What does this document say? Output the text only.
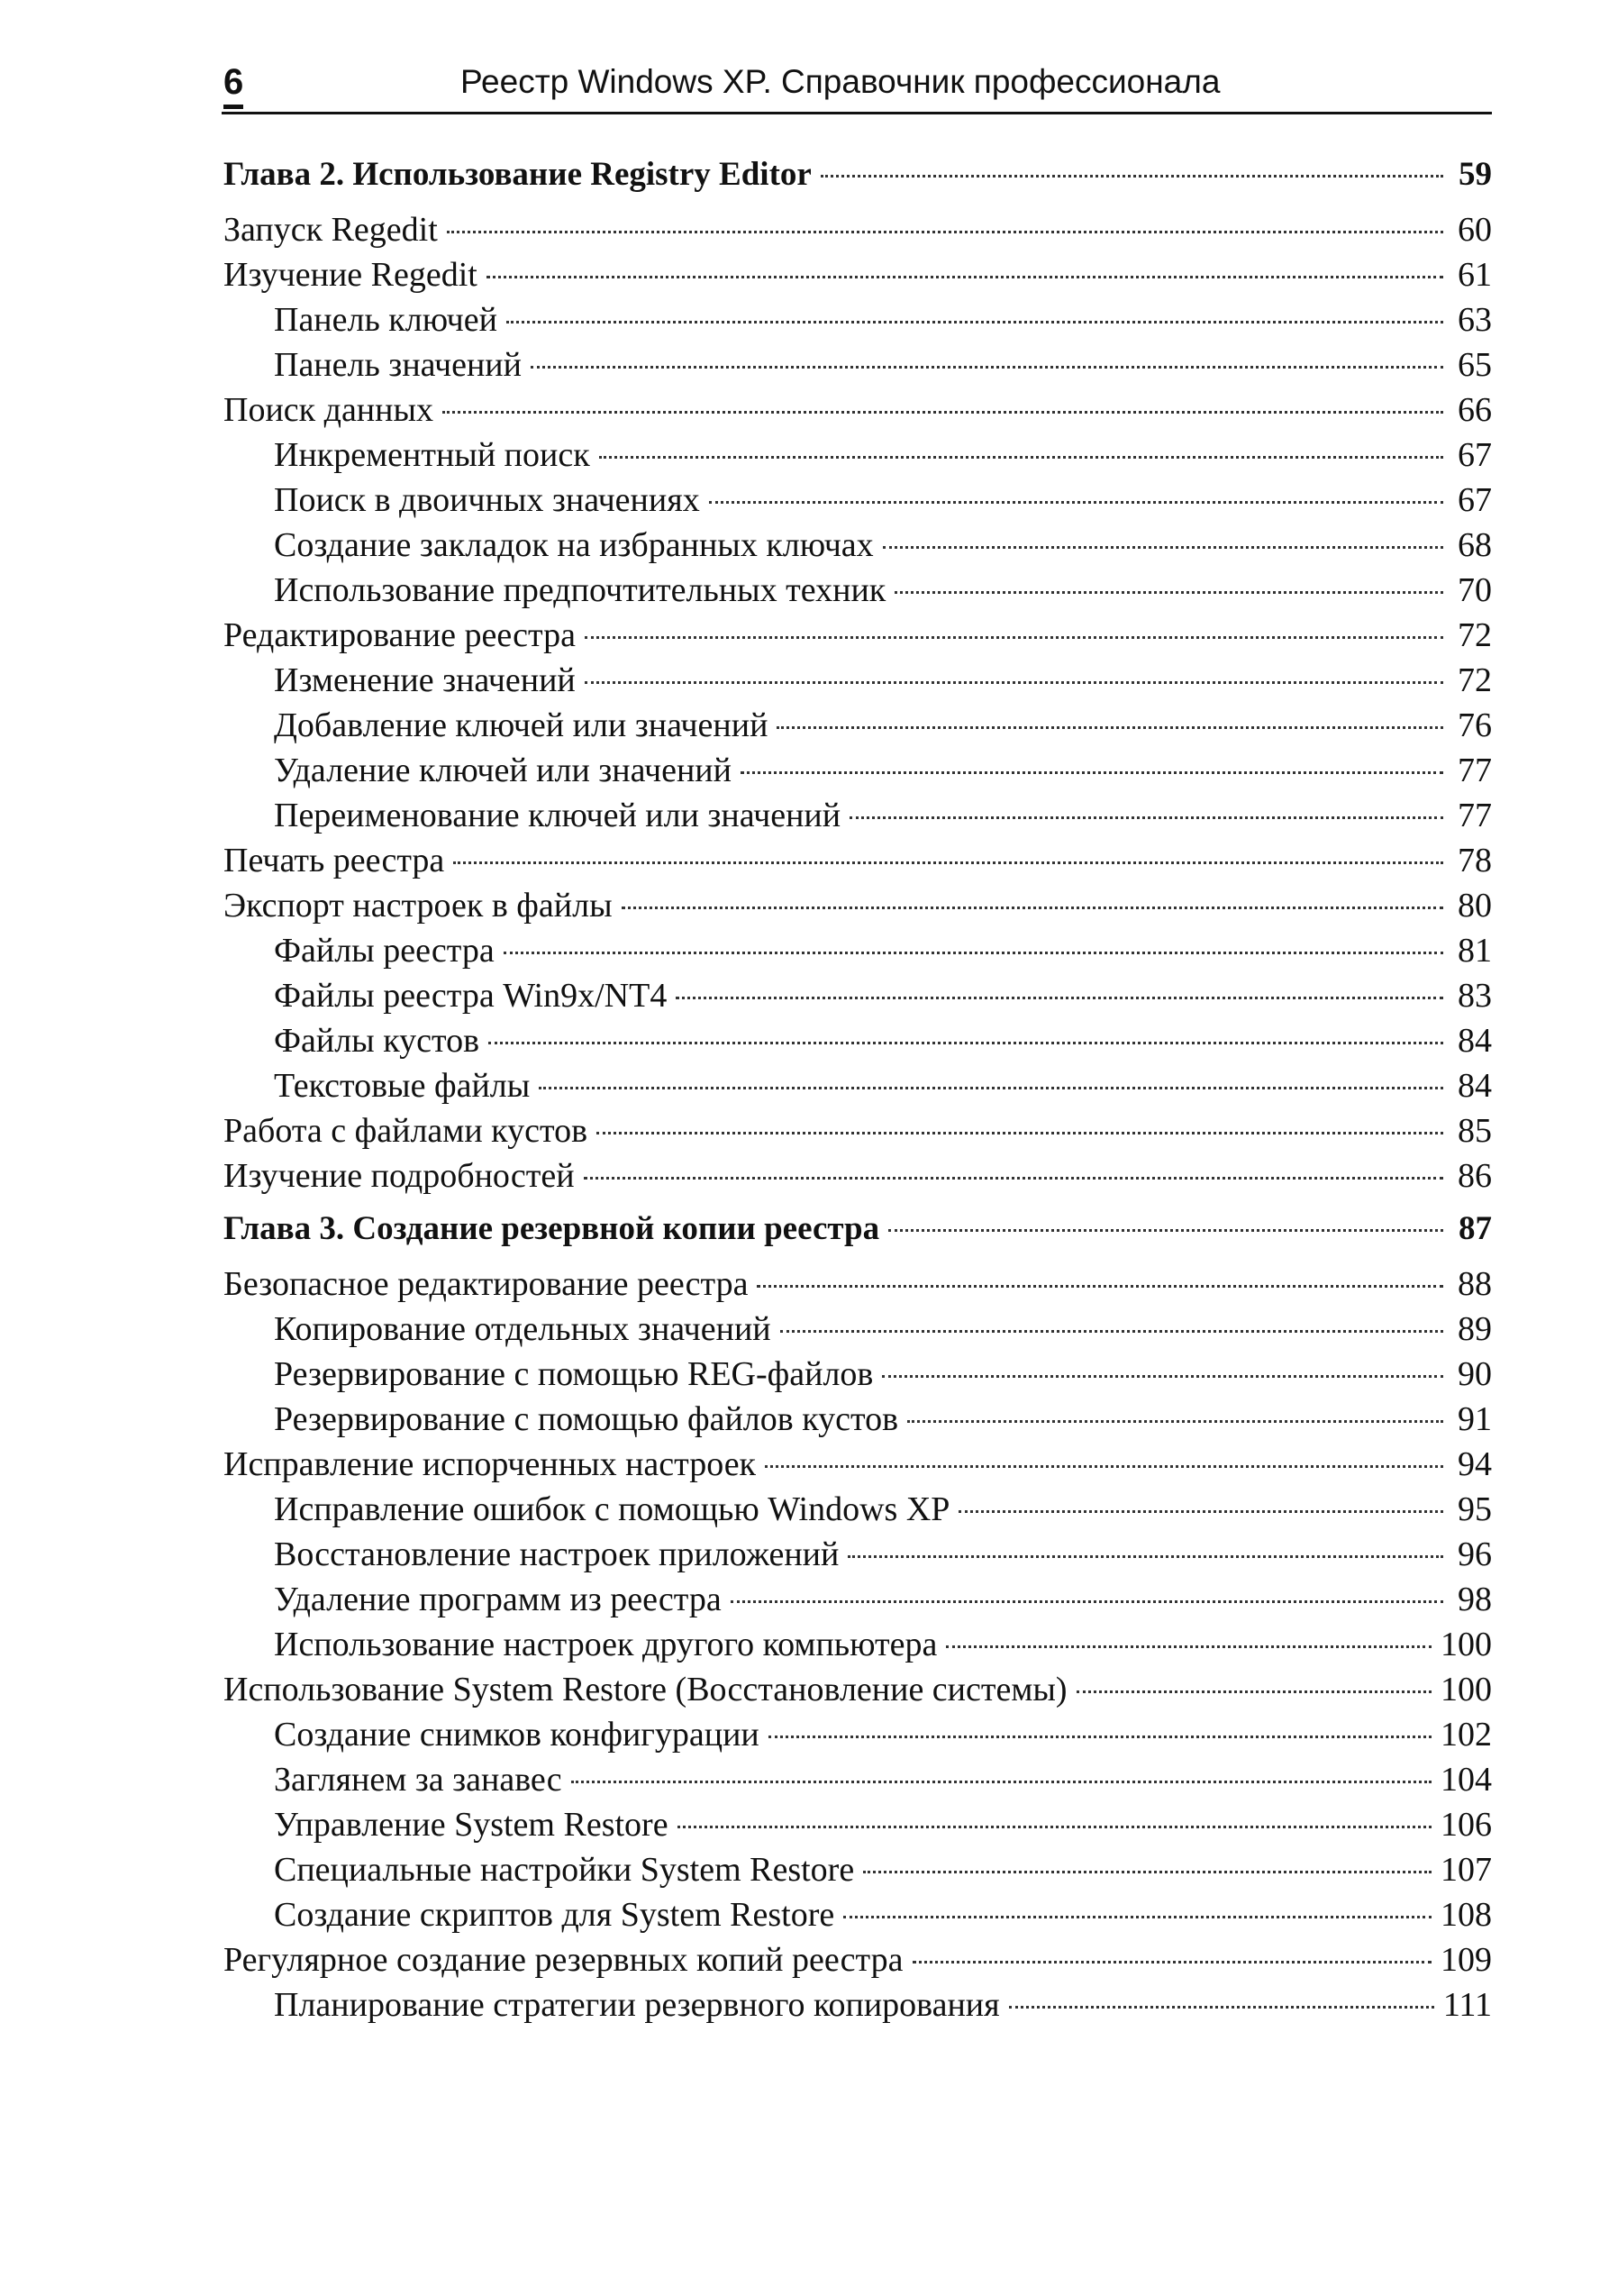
6	Реестр Windows XP. Справочник профессионала
Глава 2. Использование Registry Editor	59
Запуск Regedit	60
Изучение Regedit	61
Панель ключей	63
Панель значений	65
Поиск данных	66
Инкрементный поиск	67
Поиск в двоичных значениях	67
Создание закладок на избранных ключах	68
Использование предпочтительных техник	70
Редактирование реестра	72
Изменение значений	72
Добавление ключей или значений	76
Удаление ключей или значений	77
Переименование ключей или значений	77
Печать реестра	78
Экспорт настроек в файлы	80
Файлы реестра	81
Файлы реестра Win9x/NT4	83
Файлы кустов	84
Текстовые файлы	84
Работа с файлами кустов	85
Изучение подробностей	86
Глава 3. Создание резервной копии реестра	87
Безопасное редактирование реестра	88
Копирование отдельных значений	89
Резервирование с помощью REG-файлов	90
Резервирование с помощью файлов кустов	91
Исправление испорченных настроек	94
Исправление ошибок с помощью Windows XP	95
Восстановление настроек приложений	96
Удаление программ из реестра	98
Использование настроек другого компьютера	100
Использование System Restore (Восстановление системы)	100
Создание снимков конфигурации	102
Заглянем за занавес	104
Управление System Restore	106
Специальные настройки System Restore	107
Создание скриптов для System Restore	108
Регулярное создание резервных копий реестра	109
Планирование стратегии резервного копирования	111
